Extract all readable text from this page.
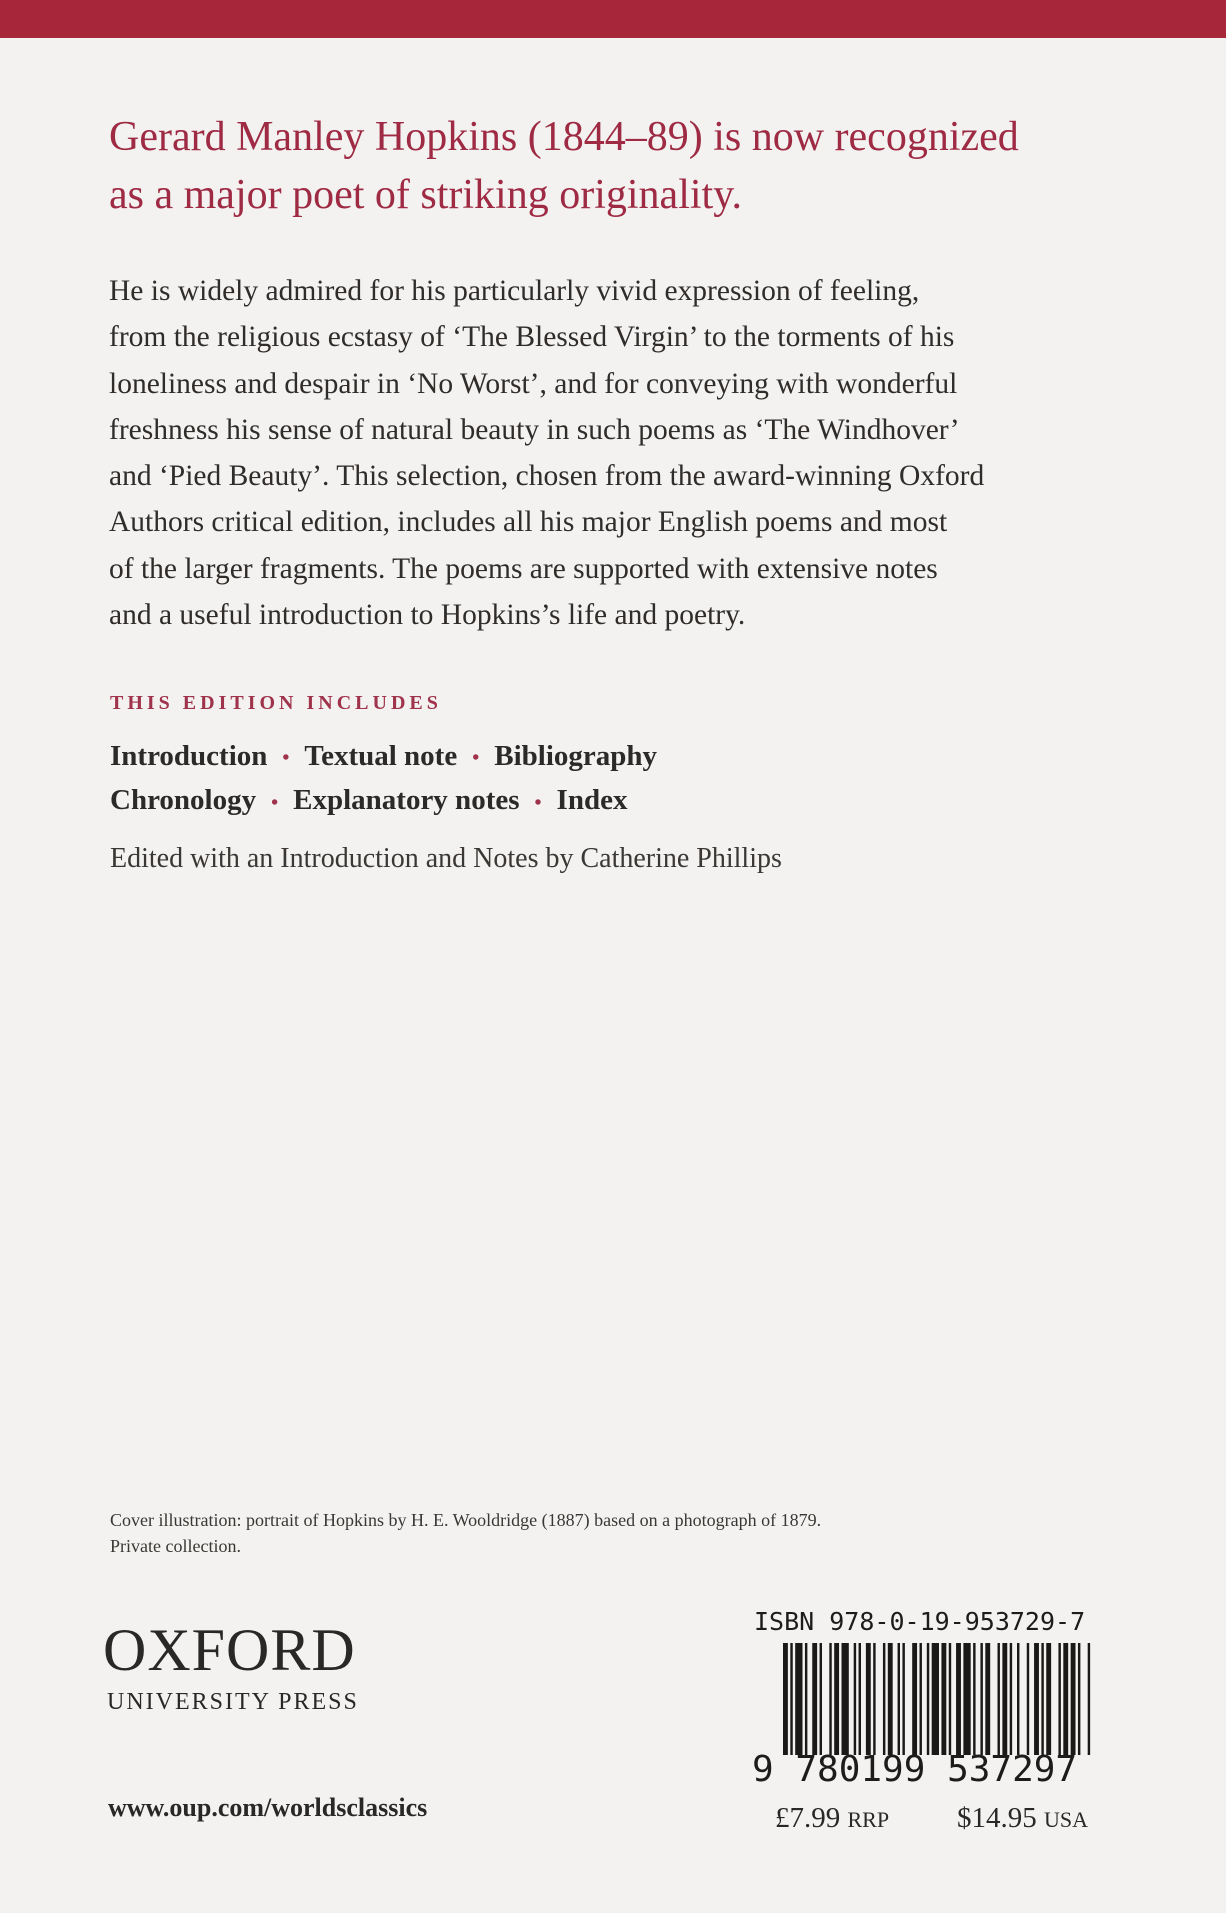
Gerard Manley Hopkins (1844–89) is now recognized
as a major poet of striking originality.

He is widely admired for his particularly vivid expression of feeling,
from the religious ecstasy of ‘The Blessed Virgin’ to the torments of his
loneliness and despair in ‘No Worst’, and for conveying with wonderful
freshness his sense of natural beauty in such poems as ‘The Windhover’
and ‘Pied Beauty’. This selection, chosen from the award-winning Oxford
Authors critical edition, includes all his major English poems and most
of the larger fragments. The poems are supported with extensive notes
and a useful introduction to Hopkins’s life and poetry.

THIS EDITION INCLUDES
Introduction • Textual note • Bibliography
Chronology • Explanatory notes • Index
Edited with an Introduction and Notes by Catherine Phillips
Cover illustration: portrait of Hopkins by H. E. Wooldridge (1887) based on a photograph of 1879.
Private collection.
OXFORD
UNIVERSITY PRESS
www.oup.com/worldsclassics
ISBN 978-0-19-953729-7
9 780199 537297
£7.99 RRP $14.95 USA
